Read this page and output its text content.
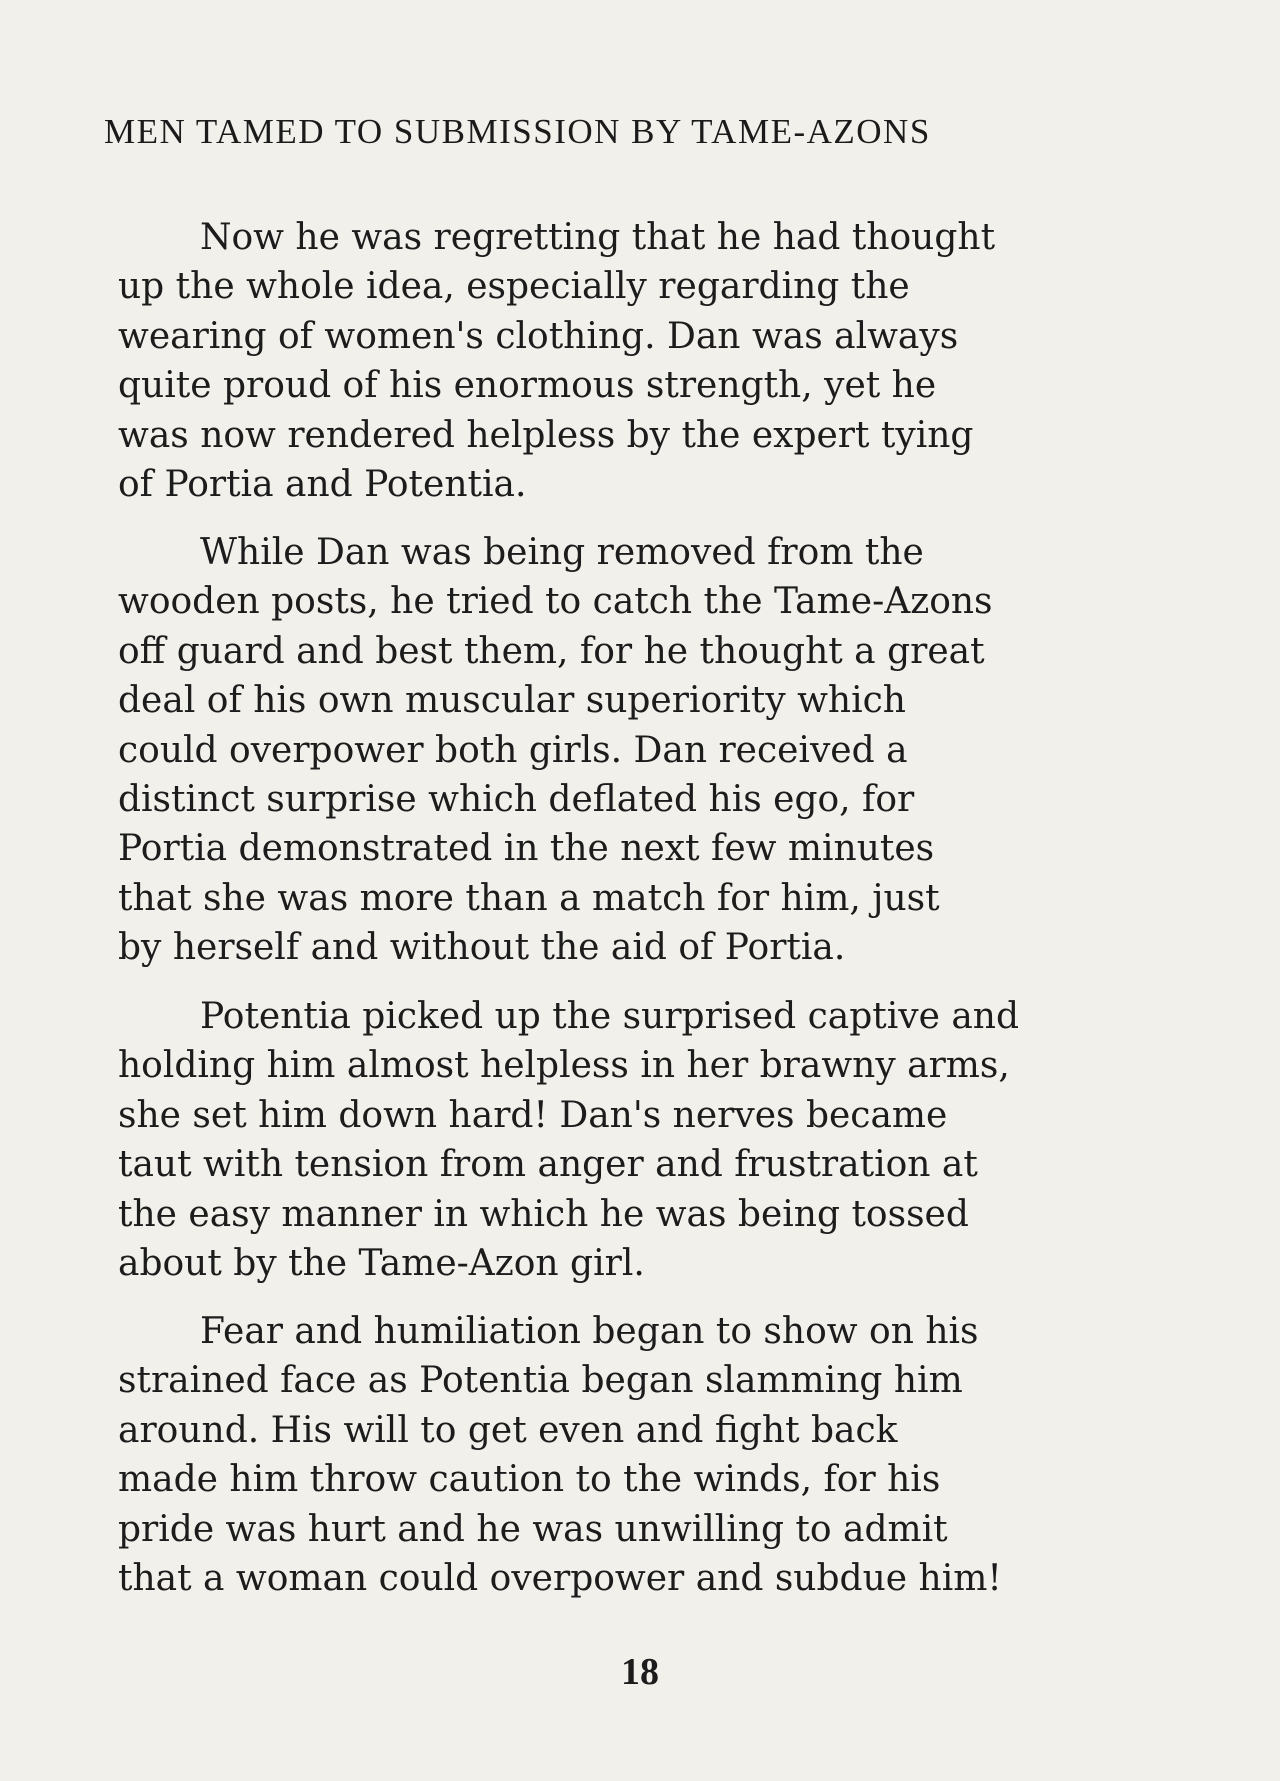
MEN TAMED TO SUBMISSION BY TAME-AZONS
Now he was regretting that he had thought
up the whole idea, especially regarding the
wearing of women's clothing. Dan was always
quite proud of his enormous strength, yet he
was now rendered helpless by the expert tying
of Portia and Potentia.
While Dan was being removed from the
wooden posts, he tried to catch the Tame-Azons
off guard and best them, for he thought a great
deal of his own muscular superiority which
could overpower both girls. Dan received a
distinct surprise which deflated his ego, for
Portia demonstrated in the next few minutes
that she was more than a match for him, just
by herself and without the aid of Portia.
Potentia picked up the surprised captive and
holding him almost helpless in her brawny arms,
she set him down hard! Dan's nerves became
taut with tension from anger and frustration at
the easy manner in which he was being tossed
about by the Tame-Azon girl.
Fear and humiliation began to show on his
strained face as Potentia began slamming him
around. His will to get even and fight back
made him throw caution to the winds, for his
pride was hurt and he was unwilling to admit
that a woman could overpower and subdue him!
18
